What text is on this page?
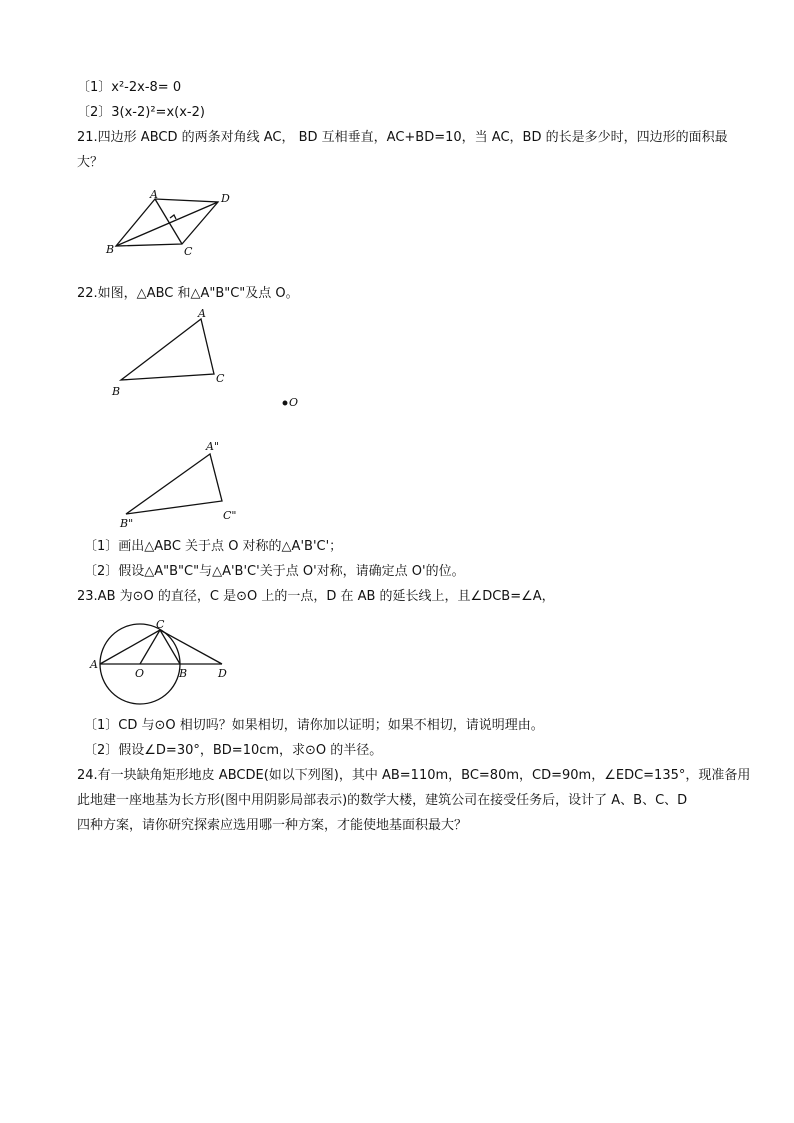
〔1〕x²-2x-8= 0
〔2〕3(x-2)²=x(x-2)
21.四边形 ABCD 的两条对角线 AC， BD 互相垂直，AC+BD=10，当 AC，BD 的长是多少时，四边形的面积最
大？
A	D
B	C
22.如图，△ABC 和△A"B"C"及点 O。
A
B
C
O
A"
B"
C"
〔1〕画出△ABC 关于点 O 对称的△A'B'C'；
〔2〕假设△A"B"C"与△A'B'C'关于点 O'对称，请确定点 O'的位。
23.AB 为⊙O 的直径，C 是⊙O 上的一点，D 在 AB 的延长线上，且∠DCB=∠A，
C
A
O	B	D
〔1〕CD 与⊙O 相切吗？如果相切，请你加以证明；如果不相切，请说明理由。
〔2〕假设∠D=30°，BD=10cm，求⊙O 的半径。
24.有一块缺角矩形地皮 ABCDE(如以下列图)，其中 AB=110m，BC=80m，CD=90m，∠EDC=135°，现准备用
此地建一座地基为长方形(图中用阴影局部表示)的数学大楼，建筑公司在接受任务后，设计了 A、B、C、D
四种方案，请你研究探索应选用哪一种方案，才能使地基面积最大？
